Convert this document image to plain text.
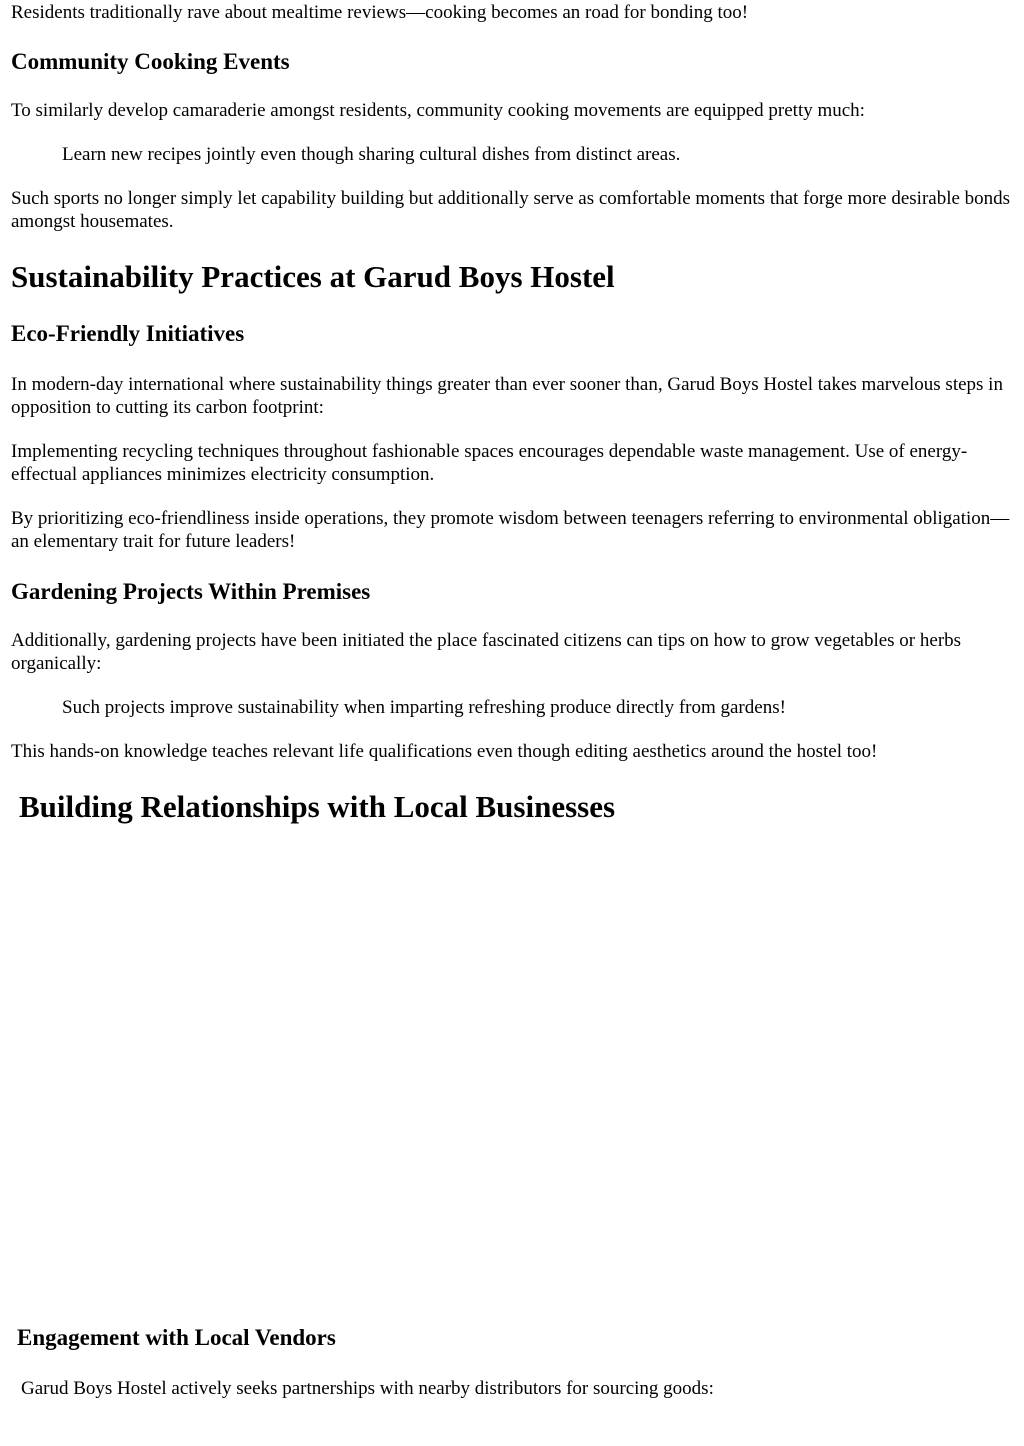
Residents traditionally rave about mealtime reviews—cooking becomes an road for bonding too!

Community Cooking Events

To similarly develop camaraderie amongst residents, community cooking movements are equipped pretty much:

Learn new recipes jointly even though sharing cultural dishes from distinct areas.

Such sports no longer simply let capability building but additionally serve as comfortable moments that forge more desirable bonds amongst housemates.

Sustainability Practices at Garud Boys Hostel
Eco-Friendly Initiatives

In modern-day international where sustainability things greater than ever sooner than, Garud Boys Hostel takes marvelous steps in opposition to cutting its carbon footprint:

Implementing recycling techniques throughout fashionable spaces encourages dependable waste management. Use of energy-effectual appliances minimizes electricity consumption.

By prioritizing eco-friendliness inside operations, they promote wisdom between teenagers referring to environmental obligation—an elementary trait for future leaders!

Gardening Projects Within Premises

Additionally, gardening projects have been initiated the place fascinated citizens can tips on how to grow vegetables or herbs organically:

Such projects improve sustainability when imparting refreshing produce directly from gardens!

This hands-on knowledge teaches relevant life qualifications even though editing aesthetics around the hostel too!

Building Relationships with Local Businesses
Engagement with Local Vendors

Garud Boys Hostel actively seeks partnerships with nearby distributors for sourcing goods:
